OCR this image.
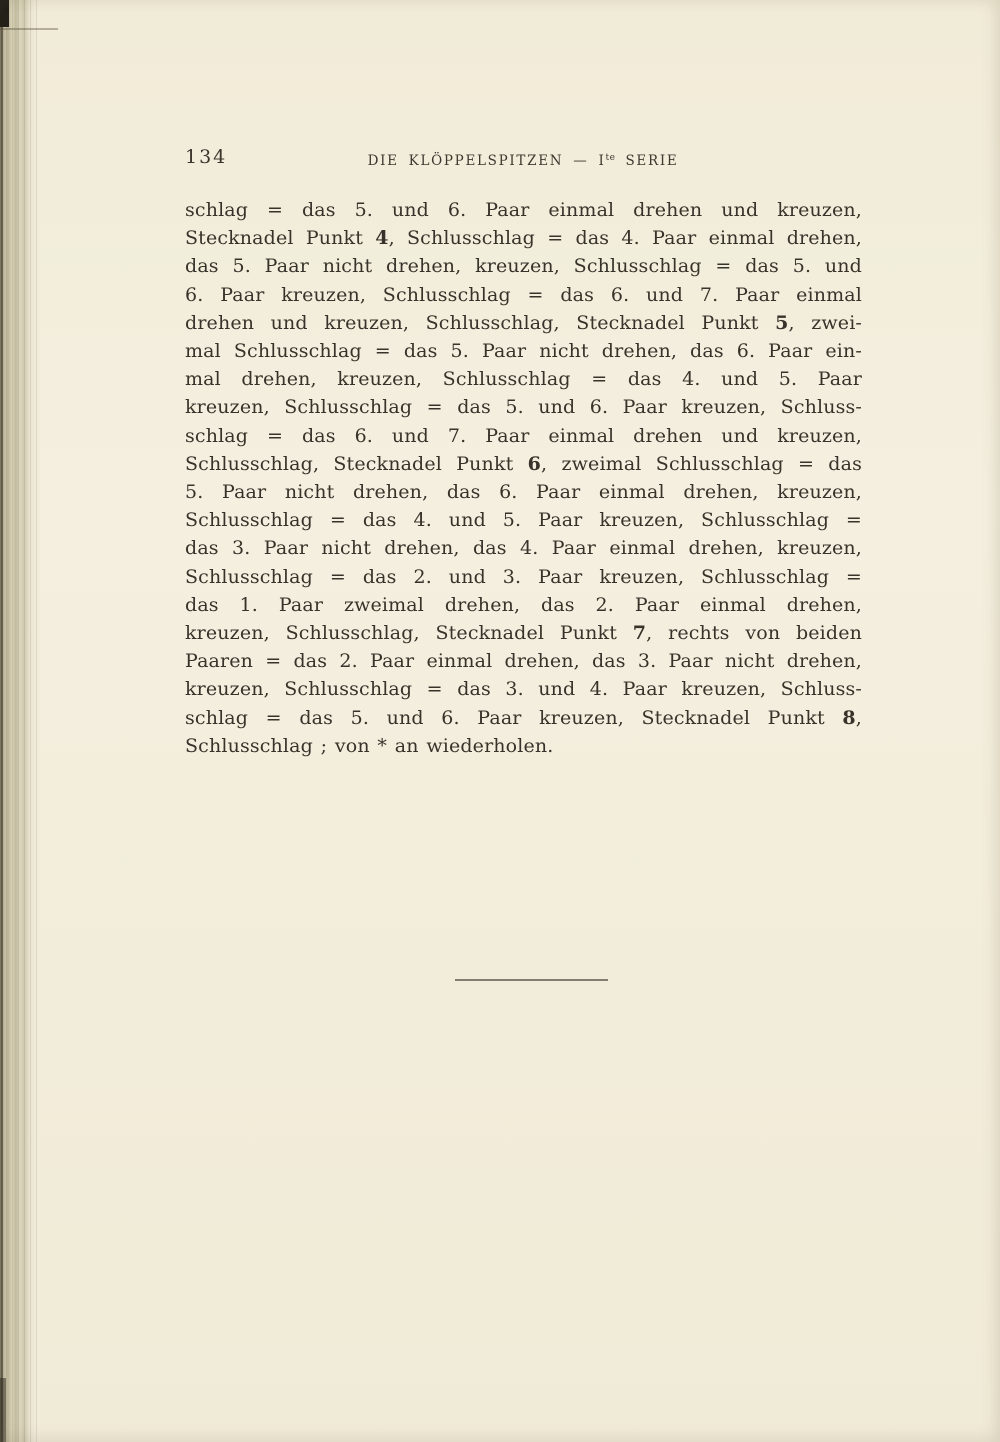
134	DIE KLÖPPELSPITZEN — $I^{te}$ SERIE
schlag = das 5. und 6. Paar einmal drehen und kreuzen,
Stecknadel Punkt 4, Schlusschlag = das 4. Paar einmal drehen,
das 5. Paar nicht drehen, kreuzen, Schlusschlag = das 5. und
6. Paar kreuzen, Schlusschlag = das 6. und 7. Paar einmal
drehen und kreuzen, Schlusschlag, Stecknadel Punkt 5, zwei-
mal Schlusschlag = das 5. Paar nicht drehen, das 6. Paar ein-
mal drehen, kreuzen, Schlusschlag = das 4. und 5. Paar
kreuzen, Schlusschlag = das 5. und 6. Paar kreuzen, Schluss-
schlag = das 6. und 7. Paar einmal drehen und kreuzen,
Schlusschlag, Stecknadel Punkt 6, zweimal Schlusschlag = das
5. Paar nicht drehen, das 6. Paar einmal drehen, kreuzen,
Schlusschlag = das 4. und 5. Paar kreuzen, Schlusschlag =
das 3. Paar nicht drehen, das 4. Paar einmal drehen, kreuzen,
Schlusschlag = das 2. und 3. Paar kreuzen, Schlusschlag =
das 1. Paar zweimal drehen, das 2. Paar einmal drehen,
kreuzen, Schlusschlag, Stecknadel Punkt 7, rechts von beiden
Paaren = das 2. Paar einmal drehen, das 3. Paar nicht drehen,
kreuzen, Schlusschlag = das 3. und 4. Paar kreuzen, Schluss-
schlag = das 5. und 6. Paar kreuzen, Stecknadel Punkt 8,
Schlusschlag ; von * an wiederholen.
